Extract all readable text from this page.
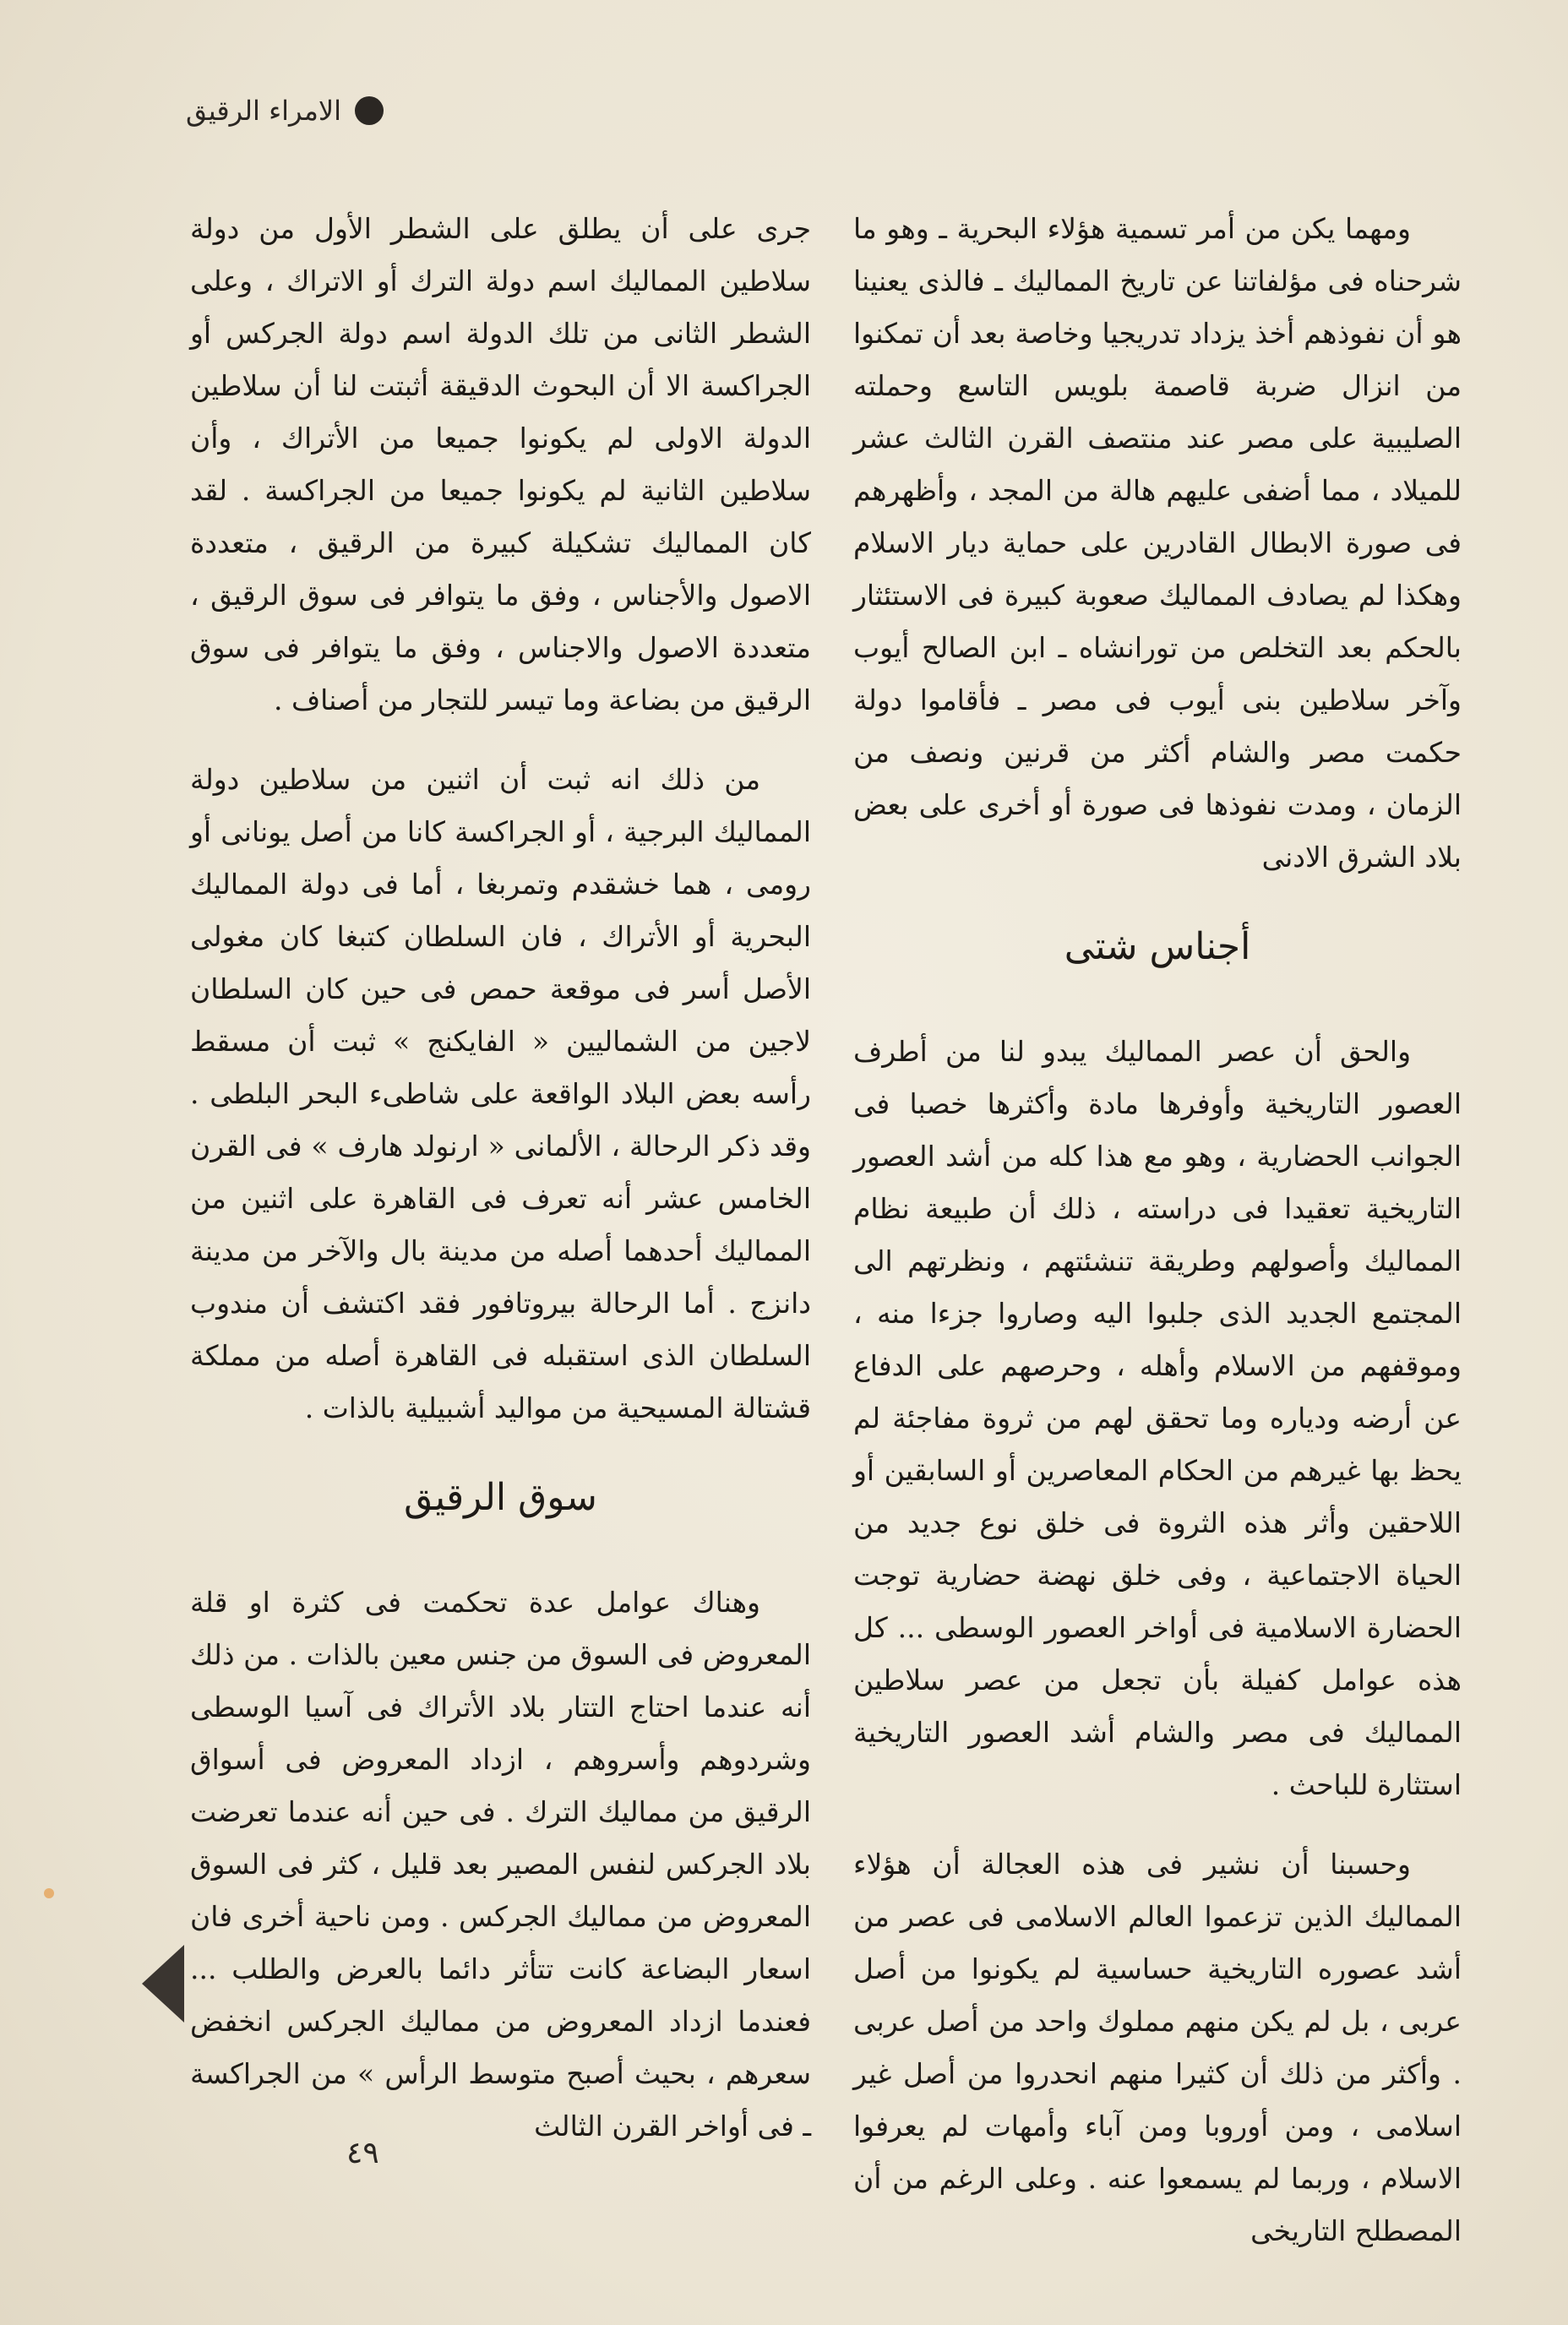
الامراء الرقيق

ومهما يكن من أمر تسمية هؤلاء البحرية ـ وهو ما شرحناه فى مؤلفاتنا عن تاريخ المماليك ـ فالذى يعنينا هو أن نفوذهم أخذ يزداد تدريجيا وخاصة بعد أن تمكنوا من انزال ضربة قاصمة بلويس التاسع وحملته الصليبية على مصر عند منتصف القرن الثالث عشر للميلاد ، مما أضفى عليهم هالة من المجد ، وأظهرهم فى صورة الابطال القادرين على حماية ديار الاسلام وهكذا لم يصادف المماليك صعوبة كبيرة فى الاستئثار بالحكم بعد التخلص من تورانشاه ـ ابن الصالح أيوب وآخر سلاطين بنى أيوب فى مصر ـ فأقاموا دولة حكمت مصر والشام أكثر من قرنين ونصف من الزمان ، ومدت نفوذها فى صورة أو أخرى على بعض بلاد الشرق الادنى

أجناس شتى

والحق أن عصر المماليك يبدو لنا من أطرف العصور التاريخية وأوفرها مادة وأكثرها خصبا فى الجوانب الحضارية ، وهو مع هذا كله من أشد العصور التاريخية تعقيدا فى دراسته ، ذلك أن طبيعة نظام المماليك وأصولهم وطريقة تنشئتهم ، ونظرتهم الى المجتمع الجديد الذى جلبوا اليه وصاروا جزءا منه ، وموقفهم من الاسلام وأهله ، وحرصهم على الدفاع عن أرضه ودياره وما تحقق لهم من ثروة مفاجئة لم يحظ بها غيرهم من الحكام المعاصرين أو السابقين أو اللاحقين وأثر هذه الثروة فى خلق نوع جديد من الحياة الاجتماعية ، وفى خلق نهضة حضارية توجت الحضارة الاسلامية فى أواخر العصور الوسطى ... كل هذه عوامل كفيلة بأن تجعل من عصر سلاطين المماليك فى مصر والشام أشد العصور التاريخية استثارة للباحث .

وحسبنا أن نشير فى هذه العجالة أن هؤلاء المماليك الذين تزعموا العالم الاسلامى فى عصر من أشد عصوره التاريخية حساسية لم يكونوا من أصل عربى ، بل لم يكن منهم مملوك واحد من أصل عربى . وأكثر من ذلك أن كثيرا منهم انحدروا من أصل غير اسلامى ، ومن أوروبا ومن آباء وأمهات لم يعرفوا الاسلام ، وربما لم يسمعوا عنه . وعلى الرغم من أن المصطلح التاريخى

جرى على أن يطلق على الشطر الأول من دولة سلاطين المماليك اسم دولة الترك أو الاتراك ، وعلى الشطر الثانى من تلك الدولة اسم دولة الجركس أو الجراكسة الا أن البحوث الدقيقة أثبتت لنا أن سلاطين الدولة الاولى لم يكونوا جميعا من الأتراك ، وأن سلاطين الثانية لم يكونوا جميعا من الجراكسة . لقد كان المماليك تشكيلة كبيرة من الرقيق ، متعددة الاصول والأجناس ، وفق ما يتوافر فى سوق الرقيق ، متعددة الاصول والاجناس ، وفق ما يتوافر فى سوق الرقيق من بضاعة وما تيسر للتجار من أصناف .

من ذلك انه ثبت أن اثنين من سلاطين دولة المماليك البرجية ، أو الجراكسة كانا من أصل يونانى أو رومى ، هما خشقدم وتمربغا ، أما فى دولة المماليك البحرية أو الأتراك ، فان السلطان كتبغا كان مغولى الأصل أسر فى موقعة حمص فى حين كان السلطان لاجين من الشماليين « الفايكنج » ثبت أن مسقط رأسه بعض البلاد الواقعة على شاطىء البحر البلطى . وقد ذكر الرحالة ، الألمانى « ارنولد هارف » فى القرن الخامس عشر أنه تعرف فى القاهرة على اثنين من المماليك أحدهما أصله من مدينة بال والآخر من مدينة دانزج . أما الرحالة بيروتافور فقد اكتشف أن مندوب السلطان الذى استقبله فى القاهرة أصله من مملكة قشتالة المسيحية من مواليد أشبيلية بالذات .

سوق الرقيق

وهناك عوامل عدة تحكمت فى كثرة او قلة المعروض فى السوق من جنس معين بالذات . من ذلك أنه عندما احتاج التتار بلاد الأتراك فى آسيا الوسطى وشردوهم وأسروهم ، ازداد المعروض فى أسواق الرقيق من مماليك الترك . فى حين أنه عندما تعرضت بلاد الجركس لنفس المصير بعد قليل ، كثر فى السوق المعروض من مماليك الجركس . ومن ناحية أخرى فان اسعار البضاعة كانت تتأثر دائما بالعرض والطلب ... فعندما ازداد المعروض من مماليك الجركس انخفض سعرهم ، بحيث أصبح متوسط الرأس » من الجراكسة ـ فى أواخر القرن الثالث

٤٩
